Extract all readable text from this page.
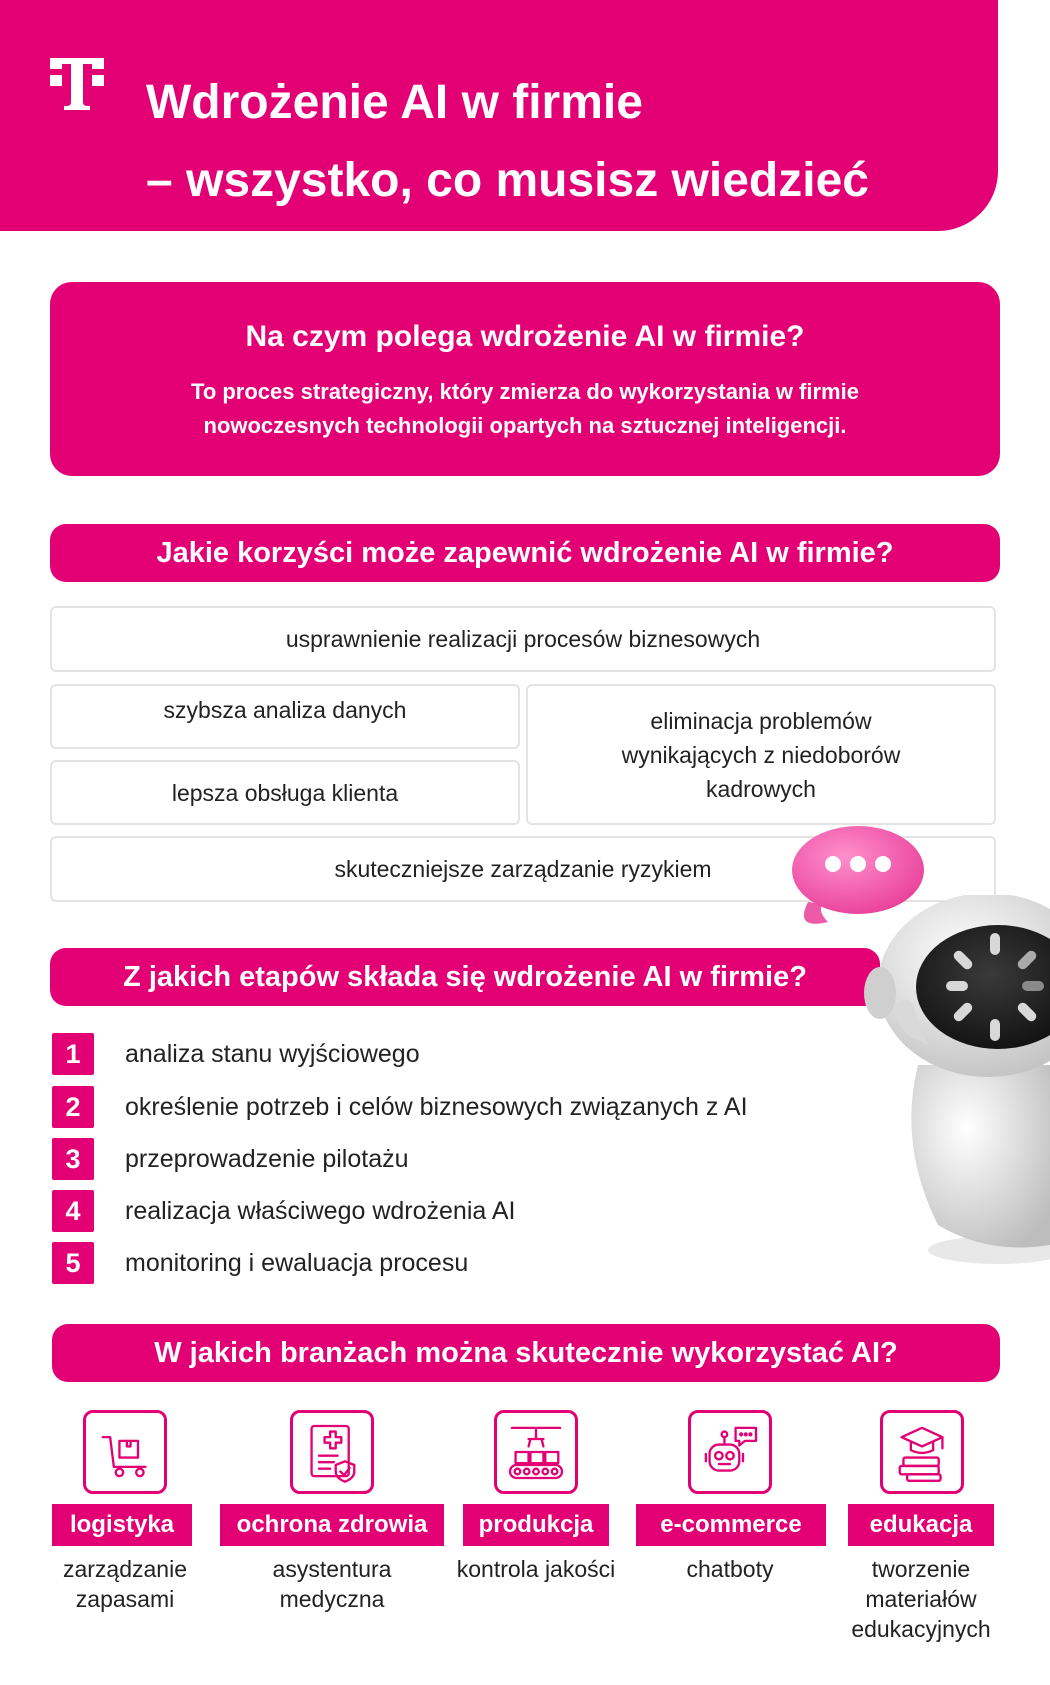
Wdrożenie AI w firmie
– wszystko, co musisz wiedzieć
Na czym polega wdrożenie AI w firmie?
To proces strategiczny, który zmierza do wykorzystania w firmie
nowoczesnych technologii opartych na sztucznej inteligencji.
Jakie korzyści może zapewnić wdrożenie AI w firmie?
usprawnienie realizacji procesów biznesowych
szybsza analiza danych
lepsza obsługa klienta
eliminacja problemów wynikających z niedoborów kadrowych
skuteczniejsze zarządzanie ryzykiem
Z jakich etapów składa się wdrożenie AI w firmie?
1	analiza stanu wyjściowego
2	określenie potrzeb i celów biznesowych związanych z AI
3	przeprowadzenie pilotażu
4	realizacja właściwego wdrożenia AI
5	monitoring i ewaluacja procesu
W jakich branżach można skutecznie wykorzystać AI?
logistyka
zarządzanie zapasami
ochrona zdrowia
asystentura medyczna
produkcja
kontrola jakości
e-commerce
chatboty
edukacja
tworzenie materiałów edukacyjnych
